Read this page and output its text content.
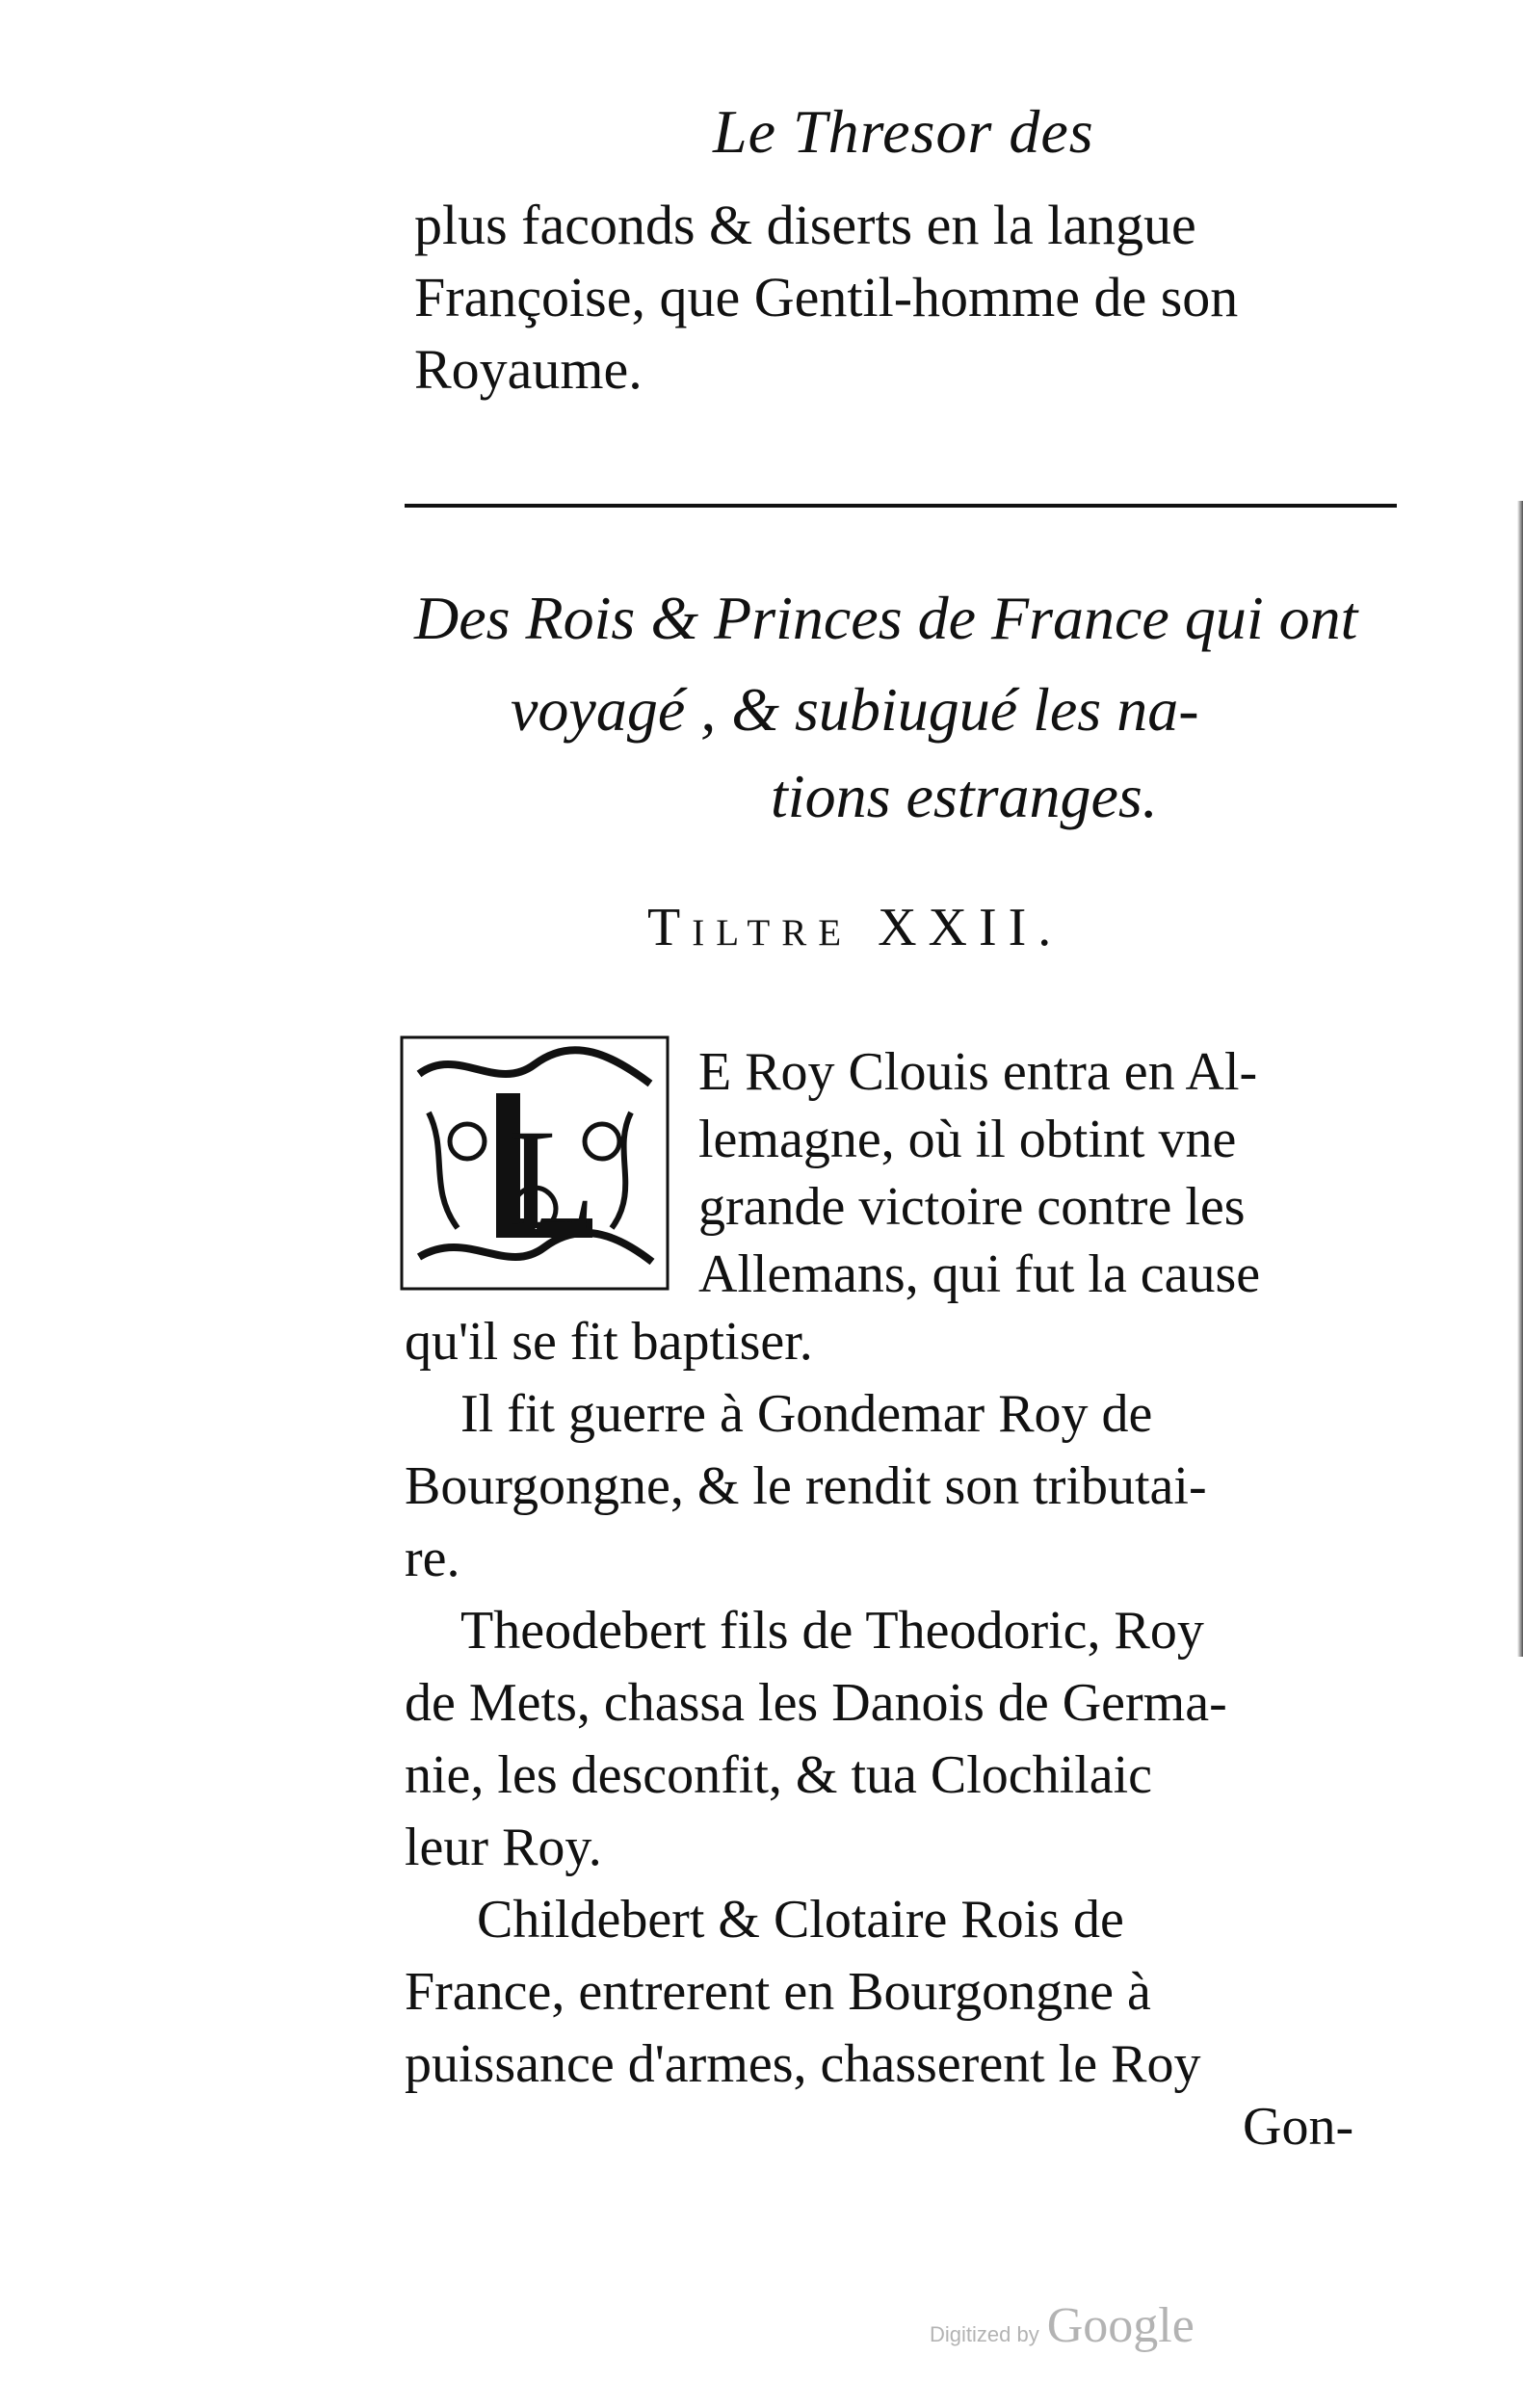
Le Thresor des
plus faconds & diserts en la langue
Françoise, que Gentil-homme de son
Royaume.
Des Rois & Princes de France qui ont
voyagé , & subiugué les na-
tions estranges.
Tiltre XXII.
L
E Roy Clouis entra en Al-
lemagne, où il obtint vne
grande victoire contre les
Allemans, qui fut la cause
qu'il se fit baptiser.
Il fit guerre à Gondemar Roy de
Bourgongne, & le rendit son tributai-
re.
Theodebert fils de Theodoric, Roy
de Mets, chassa les Danois de Germa-
nie, les desconfit, & tua Clochilaic
leur Roy.
Childebert & Clotaire Rois de
France, entrerent en Bourgongne à
puissance d'armes, chasserent le Roy
Gon-
Digitized by Google
